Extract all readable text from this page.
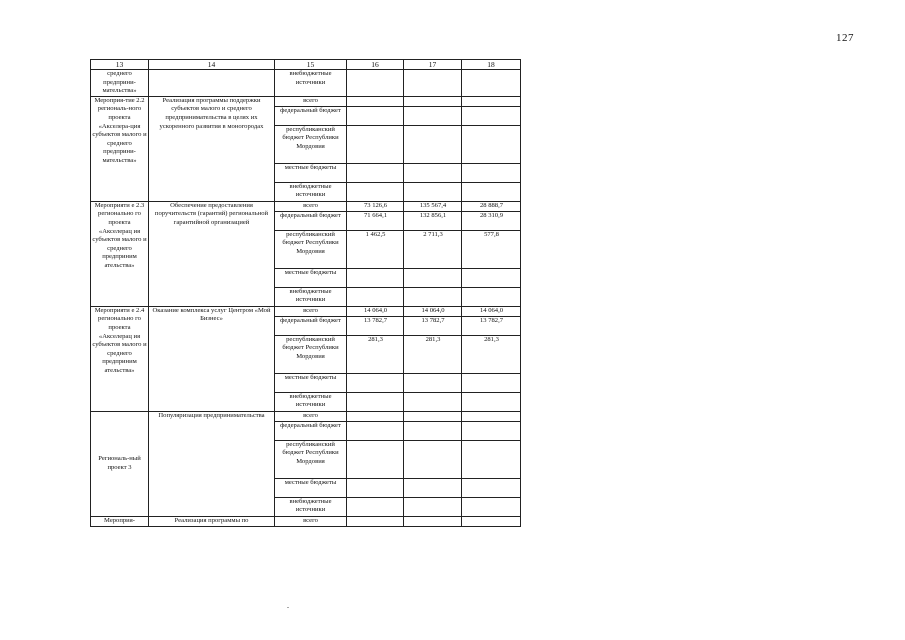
127
13	14	15	16	17	18
среднего предприни-мательства»		внебюджетные источники			
Мероприя-тие 2.2 региональ-ного проекта «Акселера-ция субъектов малого и среднего предприни-мательства»	Реализация программы поддержки субъектов малого и среднего предпринимательства в целях их ускоренного развития в моногородах	всего			
		федеральный бюджет			
		республиканский бюджет Республики Мордовия			
		местные бюджеты			
		внебюджетные источники			
Мероприяти е 2.3 регионально го проекта «Акселерац ия субъектов малого и среднего предприним ательства»	Обеспечение предоставления поручительств (гарантий) региональной гарантийной организацией	всего	73 126,6	135 567,4	28 888,7
		федеральный бюджет	71 664,1	132 856,1	28 310,9
		республиканский бюджет Республики Мордовия	1 462,5	2 711,3	577,8
		местные бюджеты			
		внебюджетные источники			
Мероприяти е 2.4 регионально го проекта «Акселерац ия субъектов малого и среднего предприним ательства»	Оказание комплекса услуг Центром «Мой Бизнес»	всего	14 064,0	14 064,0	14 064,0
		федеральный бюджет	13 782,7	13 782,7	13 782,7
		республиканский бюджет Республики Мордовия	281,3	281,3	281,3
		местные бюджеты			
		внебюджетные источники			
Региональ-ный проект 3	Популяризация предпринимательства	всего			
		федеральный бюджет			
		республиканский бюджет Республики Мордовия			
		местные бюджеты			
		внебюджетные источники			
Мероприя-	Реализация программы по	всего			
.
